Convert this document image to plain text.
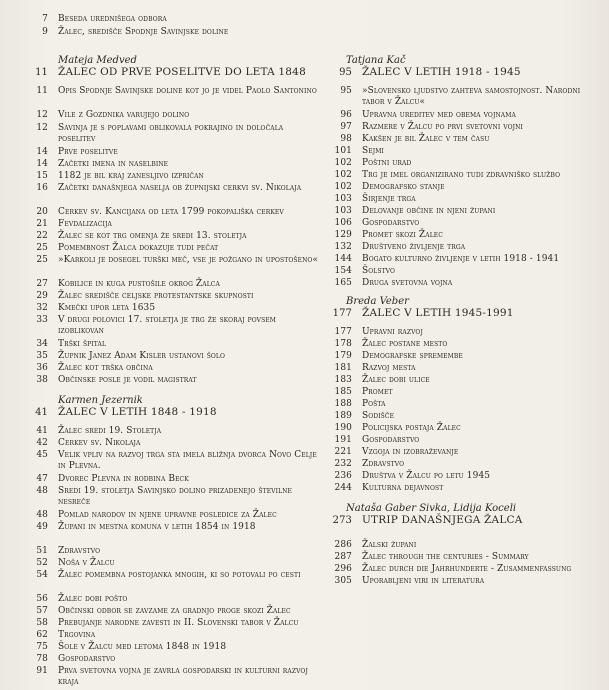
7 Beseda urednišega odbora
9 Žalec, središče Spodnje Savinjske doline
Mateja Medved
11 ŽALEC OD PRVE POSELITVE DO LETA 1848
11 Opis Spodnje Savinjske doline kot jo je videl Paolo Santonino
12 Vile z Gozdnika varujejo dolino
12 Savinja je s poplavami oblikovala pokrajino in določala poselitev
14 Prve poselitve
14 Začetki imena in naselbine
15 1182 je bil kraj zanesljivo izpričan
16 Začetki današnjega naselja ob župnijski cerkvi sv. Nikolaja
20 Cerkev sv. Kancijana od leta 1799 pokopališka cerkev
21 Fevdalizacija
22 Žalec se kot trg omenja že sredi 13. stoletja
25 Pomembnost Žalca dokazuje tudi pečat
25 »Karkoli je dosegel turški meč, vse je požgano in upostošeno«
27 Kobilice in kuga pustošile okrog Žalca
29 Žalec središče celjske protestantske skupnosti
32 Kmečki upor leta 1635
33 V drugi polovici 17. stoletja je trg že skoraj povsem izoblikovan
34 Trški špital
35 Župnik Janez Adam Kisler ustanovi šolo
36 Žalec kot trška občina
38 Občinske posle je vodil magistrat
Karmen Jezernik
41 ŽALEC V LETIH 1848 - 1918
41 Žalec sredi 19. Stoletja
42 Cerkev sv. Nikolaja
45 Velik vpliv na razvoj trga sta imela bližnja dvorca Novo Celje in Plevna.
47 Dvorec Plevna in rodbina Beck
48 Sredi 19. stoletja Savinjsko dolino prizadenejo številne nesreče
48 Pomlad narodov in njene upravne posledice za Žalec
49 Župani in mestna komuna v letih 1854 in 1918
51 Zdravstvo
52 Noša v Žalcu
54 Žalec pomembna postojanka mnogih, ki so potovali po cesti
56 Žalec dobi pošto
57 Občinski odbor se zavzame za gradnjo proge skozi Žalec
58 Prebujanje narodne zavesti in II. Slovenski tabor v Žalcu
62 Trgovina
75 Šole v Žalcu med letoma 1848 in 1918
78 Gospodarstvo
91 Prva svetovna vojna je zavrla gospodarski in kulturni razvoj kraja
Tatjana Kač
95 ŽALEC V LETIH 1918 - 1945
95 »Slovensko ljudstvo zahteva samostojnost. Narodni tabor v Žalcu«
96 Upravna ureditev med obema vojnama
97 Razmere v Žalcu po prvi svetovni vojni
98 Kakšen je bil Žalec v tem času
101 Sejmi
102 Poštni urad
102 Trg je imel organizirano tudi zdravniško službo
102 Demografsko stanje
103 Širjenje trga
103 Delovanje občine in njeni župani
106 Gospodarstvo
129 Promet skozi Žalec
132 Društveno življenje trga
144 Bogato kulturno življenje v letih 1918 - 1941
154 Šolstvo
165 Druga svetovna vojna
Breda Veber
177 ŽALEC V LETIH 1945-1991
177 Upravni razvoj
178 Žalec postane mesto
179 Demografske spremembe
181 Razvoj mesta
183 Žalec dobi ulice
185 Promet
188 Pošta
189 Sodišče
190 Policijska postaja Žalec
191 Gospodarstvo
221 Vzgoja in izobraževanje
232 Zdravstvo
236 Društva v Žalcu po letu 1945
244 Kulturna dejavnost
Nataša Gaber Sivka, Lidija Koceli
273 UTRIP DANAŠNJEGA ŽALCA
286 Žalski župani
287 Žalec through the centuries - Summary
296 Žalec durch die Jahrhunderte - Zusammenfassung
305 Uporabljeni viri in literatura
